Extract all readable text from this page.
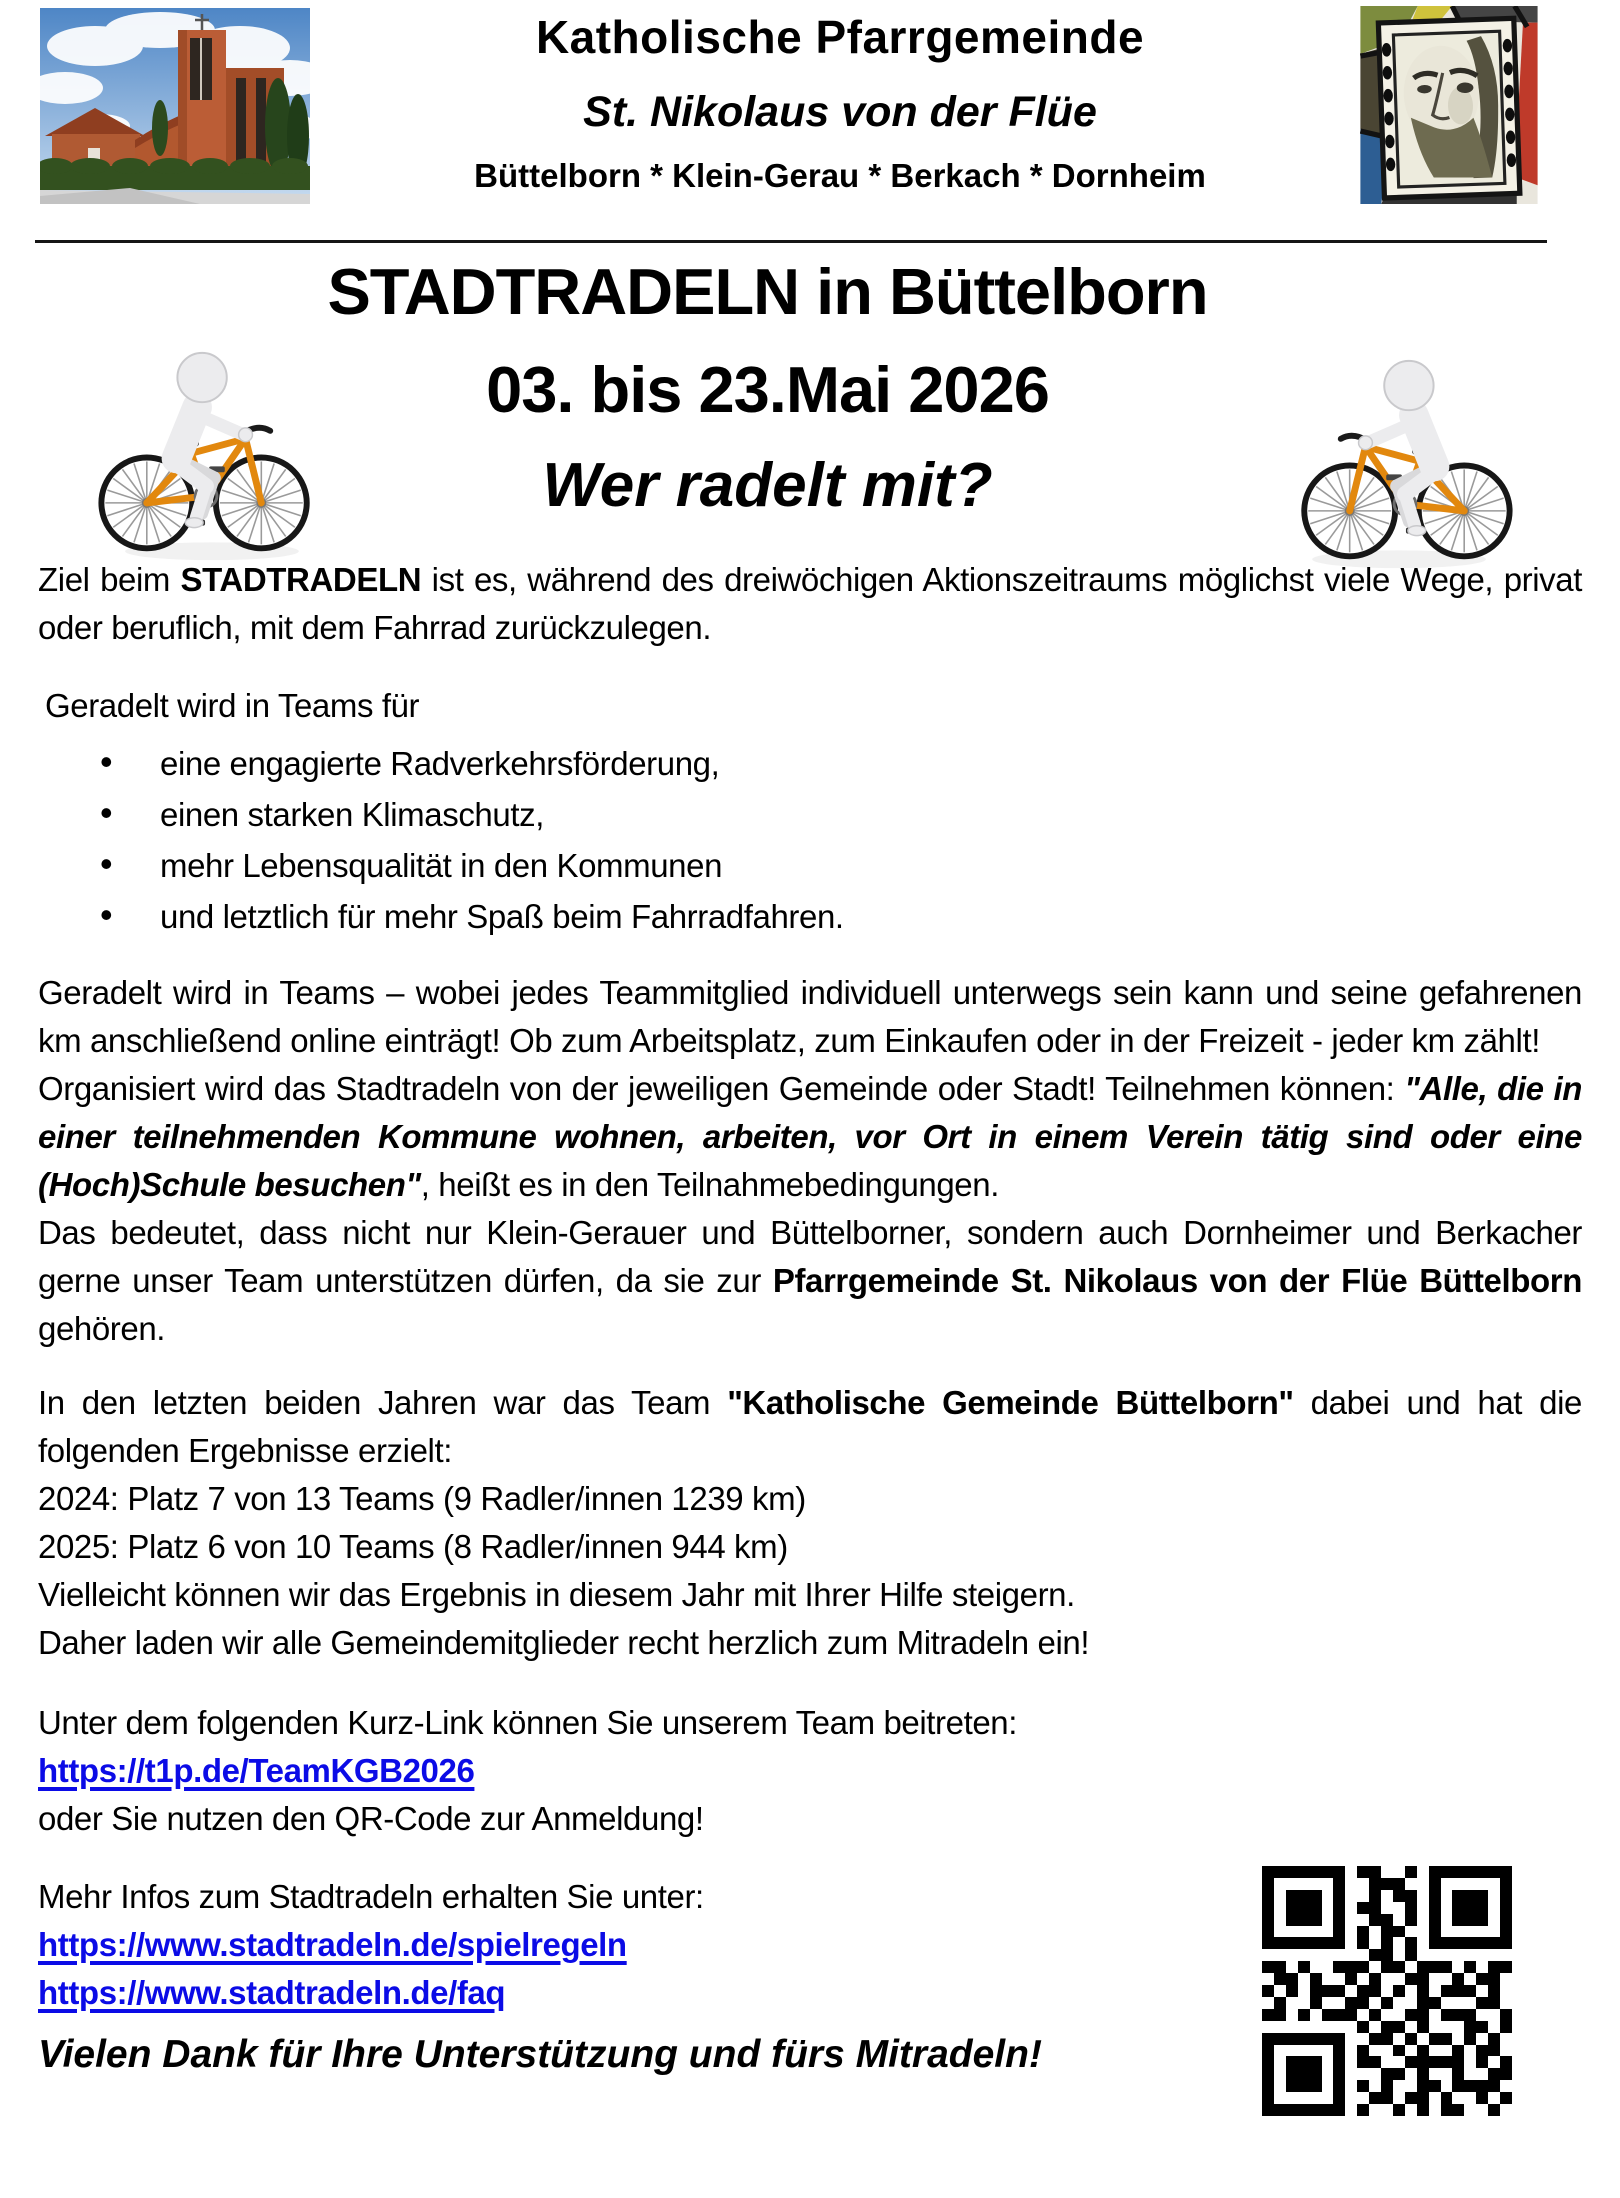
Katholische Pfarrgemeinde
St. Nikolaus von der Flüe
Büttelborn * Klein-Gerau * Berkach * Dornheim
STADTRADELN in Büttelborn
03. bis 23.Mai 2026
Wer radelt mit?

Ziel beim STADTRADELN ist es, während des dreiwöchigen Aktionszeitraums möglichst viele Wege, privat oder beruflich, mit dem Fahrrad zurückzulegen.

Geradelt wird in Teams für

• eine engagierte Radverkehrsförderung,
• einen starken Klimaschutz,
• mehr Lebensqualität in den Kommunen
• und letztlich für mehr Spaß beim Fahrradfahren.

Geradelt wird in Teams – wobei jedes Teammitglied individuell unterwegs sein kann und seine gefahrenen km anschließend online einträgt! Ob zum Arbeitsplatz, zum Einkaufen oder in der Freizeit - jeder km zählt!

Organisiert wird das Stadtradeln von der jeweiligen Gemeinde oder Stadt! Teilnehmen können: "Alle, die in einer teilnehmenden Kommune wohnen, arbeiten, vor Ort in einem Verein tätig sind oder eine (Hoch)Schule besuchen", heißt es in den Teilnahmebedingungen.

Das bedeutet, dass nicht nur Klein-Gerauer und Büttelborner, sondern auch Dornheimer und Berkacher gerne unser Team unterstützen dürfen, da sie zur Pfarrgemeinde St. Nikolaus von der Flüe Büttelborn gehören.

In den letzten beiden Jahren war das Team "Katholische Gemeinde Büttelborn" dabei und hat die folgenden Ergebnisse erzielt:

2024: Platz 7 von 13 Teams (9 Radler/innen 1239 km)

2025: Platz 6 von 10 Teams (8 Radler/innen 944 km)

Vielleicht können wir das Ergebnis in diesem Jahr mit Ihrer Hilfe steigern.

Daher laden wir alle Gemeindemitglieder recht herzlich zum Mitradeln ein!

Unter dem folgenden Kurz-Link können Sie unserem Team beitreten:

https://t1p.de/TeamKGB2026

oder Sie nutzen den QR-Code zur Anmeldung!

Mehr Infos zum Stadtradeln erhalten Sie unter:

https://www.stadtradeln.de/spielregeln

https://www.stadtradeln.de/faq

Vielen Dank für Ihre Unterstützung und fürs Mitradeln!
